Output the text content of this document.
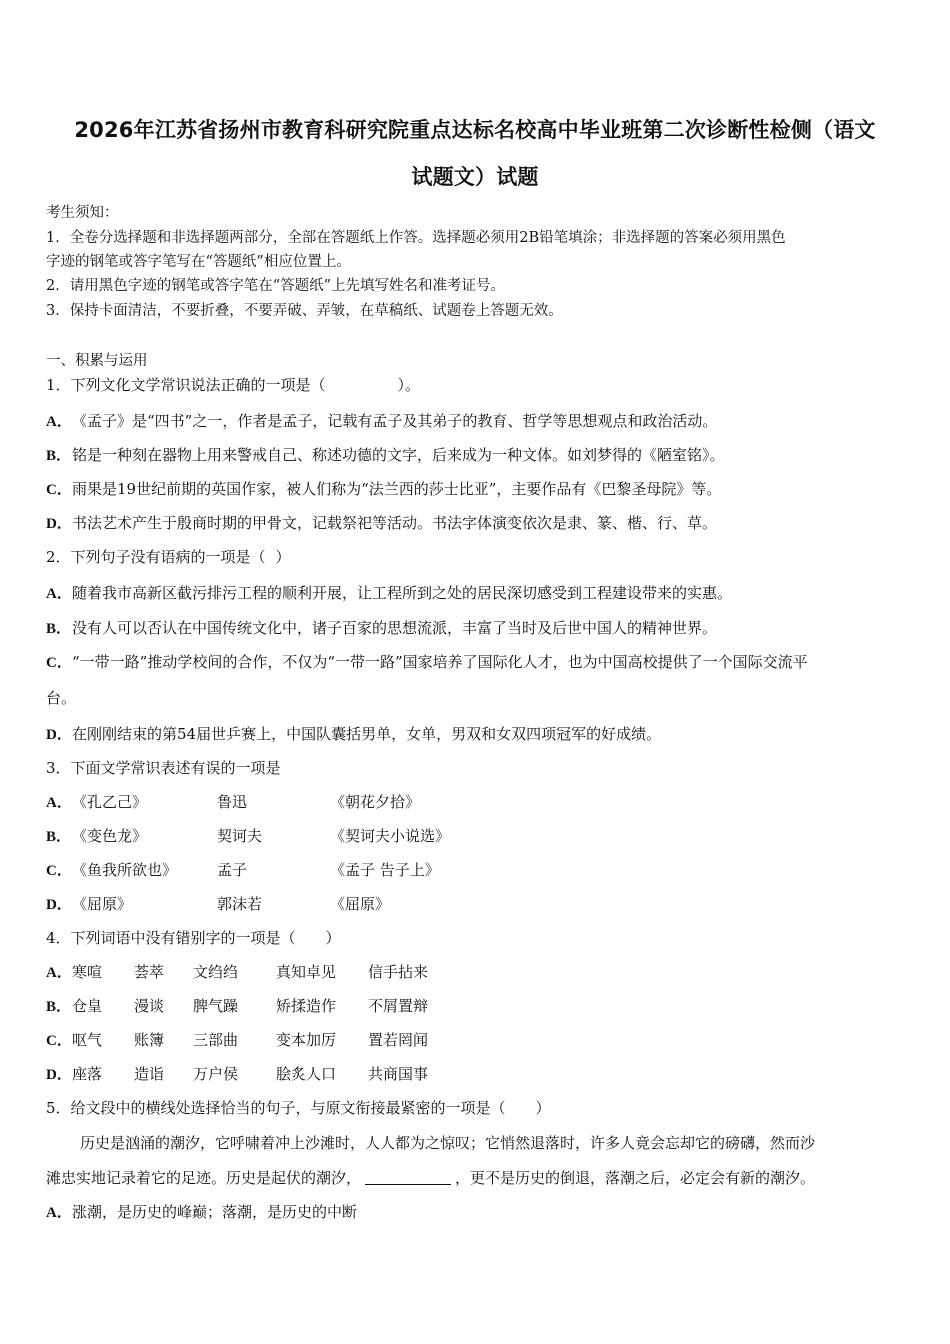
2026年江苏省扬州市教育科研究院重点达标名校高中毕业班第二次诊断性检侧（语文
试题文）试题
考生须知：
1．全卷分选择题和非选择题两部分，全部在答题纸上作答。选择题必须用2B铅笔填涂；非选择题的答案必须用黑色
字迹的钢笔或答字笔写在“答题纸”相应位置上。
2．请用黑色字迹的钢笔或答字笔在“答题纸”上先填写姓名和准考证号。
3．保持卡面清洁，不要折叠，不要弄破、弄皱，在草稿纸、试题卷上答题无效。
一、积累与运用
1．下列文化文学常识说法正确的一项是（	）。
A．《孟子》是“四书”之一，作者是孟子，记载有孟子及其弟子的教育、哲学等思想观点和政治活动。
B．铭是一种刻在器物上用来警戒自己、称述功德的文字，后来成为一种文体。如刘梦得的《陋室铭》。
C．雨果是19世纪前期的英国作家，被人们称为“法兰西的莎士比亚”，主要作品有《巴黎圣母院》等。
D．书法艺术产生于殷商时期的甲骨文，记载祭祀等活动。书法字体演变依次是隶、篆、楷、行、草。
2．下列句子没有语病的一项是（ ）
A．随着我市高新区截污排污工程的顺利开展，让工程所到之处的居民深切感受到工程建设带来的实惠。
B．没有人可以否认在中国传统文化中，诸子百家的思想流派，丰富了当时及后世中国人的精神世界。
C．“一带一路”推动学校间的合作，不仅为“一带一路”国家培养了国际化人才，也为中国高校提供了一个国际交流平
台。
D．在刚刚结束的第54届世乒赛上，中国队囊括男单，女单，男双和女双四项冠军的好成绩。
3．下面文学常识表述有误的一项是
A．《孔乙己》	鲁迅	《朝花夕拾》
B．《变色龙》	契诃夫	《契诃夫小说选》
C．《鱼我所欲也》	孟子	《孟子 告子上》
D．《屈原》	郭沫若	《屈原》
4．下列词语中没有错别字的一项是（ ）
A．寒喧 荟萃 文绉绉	真知卓见 信手拈来
B．仓皇 漫谈 脾气躁	矫揉造作 不屑置辩
C．呕气 账簿 三部曲	变本加厉 置若罔闻
D．座落 造诣 万户侯	脍炙人口 共商国事
5．给文段中的横线处选择恰当的句子，与原文衔接最紧密的一项是（ ）
历史是汹涌的潮汐，它呼啸着冲上沙滩时，人人都为之惊叹；它悄然退落时，许多人竟会忘却它的磅礴，然而沙
滩忠实地记录着它的足迹。历史是起伏的潮汐，	，更不是历史的倒退，落潮之后，必定会有新的潮汐。
A．涨潮，是历史的峰巅；落潮，是历史的中断
